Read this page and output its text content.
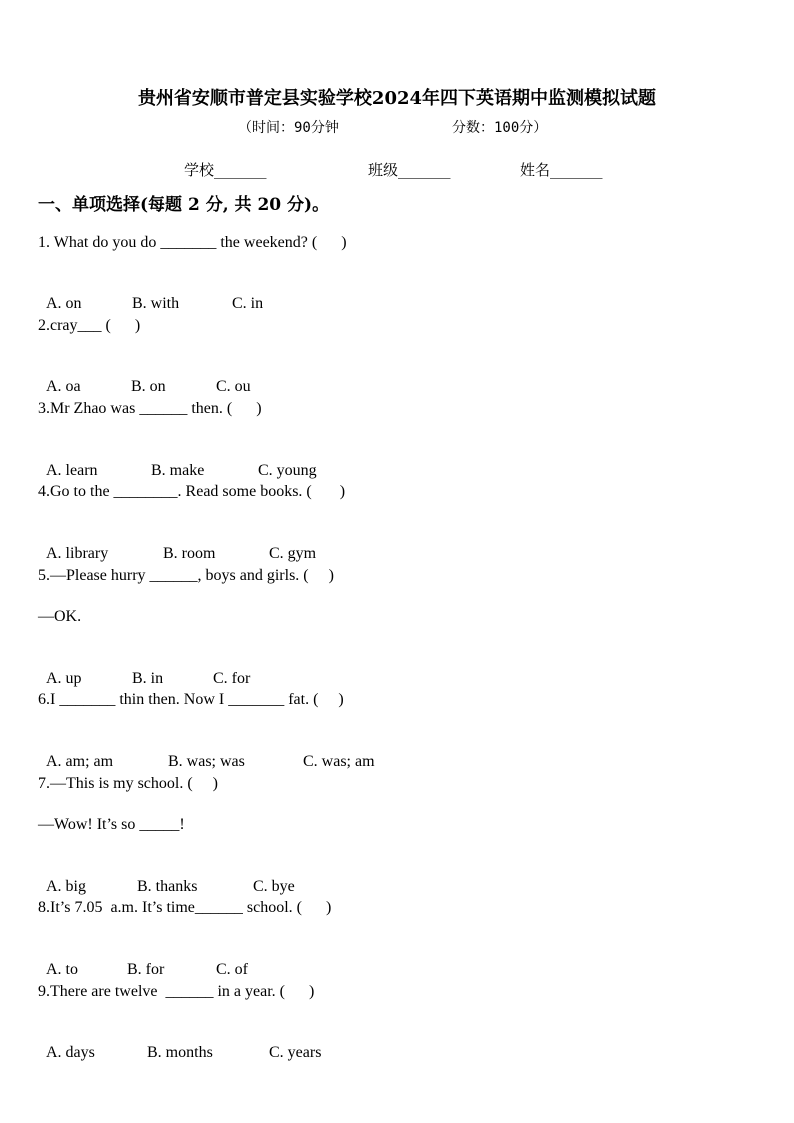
贵州省安顺市普定县实验学校2024年四下英语期中监测模拟试题
（时间：90分钟	分数：100分）
学校_______	班级_______	姓名_______
一、单项选择(每题 2 分, 共 20 分)。
1. What do you do _______ the weekend? (      )

A. on	B. with	C. in

2.cray___ (      )

A. oa	B. on	C. ou

3.Mr Zhao was ______ then. (      )

A. learn	B. make	C. young

4.Go to the ________. Read some books. (       )

A. library	B. room	C. gym

5.—Please hurry ______, boys and girls. (     )
—OK.

A. up	B. in	C. for

6.I _______ thin then. Now I _______ fat. (     )

A. am; am	B. was; was	C. was; am

7.—This is my school. (     )
—Wow! It’s so _____!

A. big	B. thanks	C. bye

8.It’s 7.05  a.m. It’s time______ school. (      )

A. to	B. for	C. of

9.There are twelve  ______ in a year. (      )

A. days	B. months	C. years
